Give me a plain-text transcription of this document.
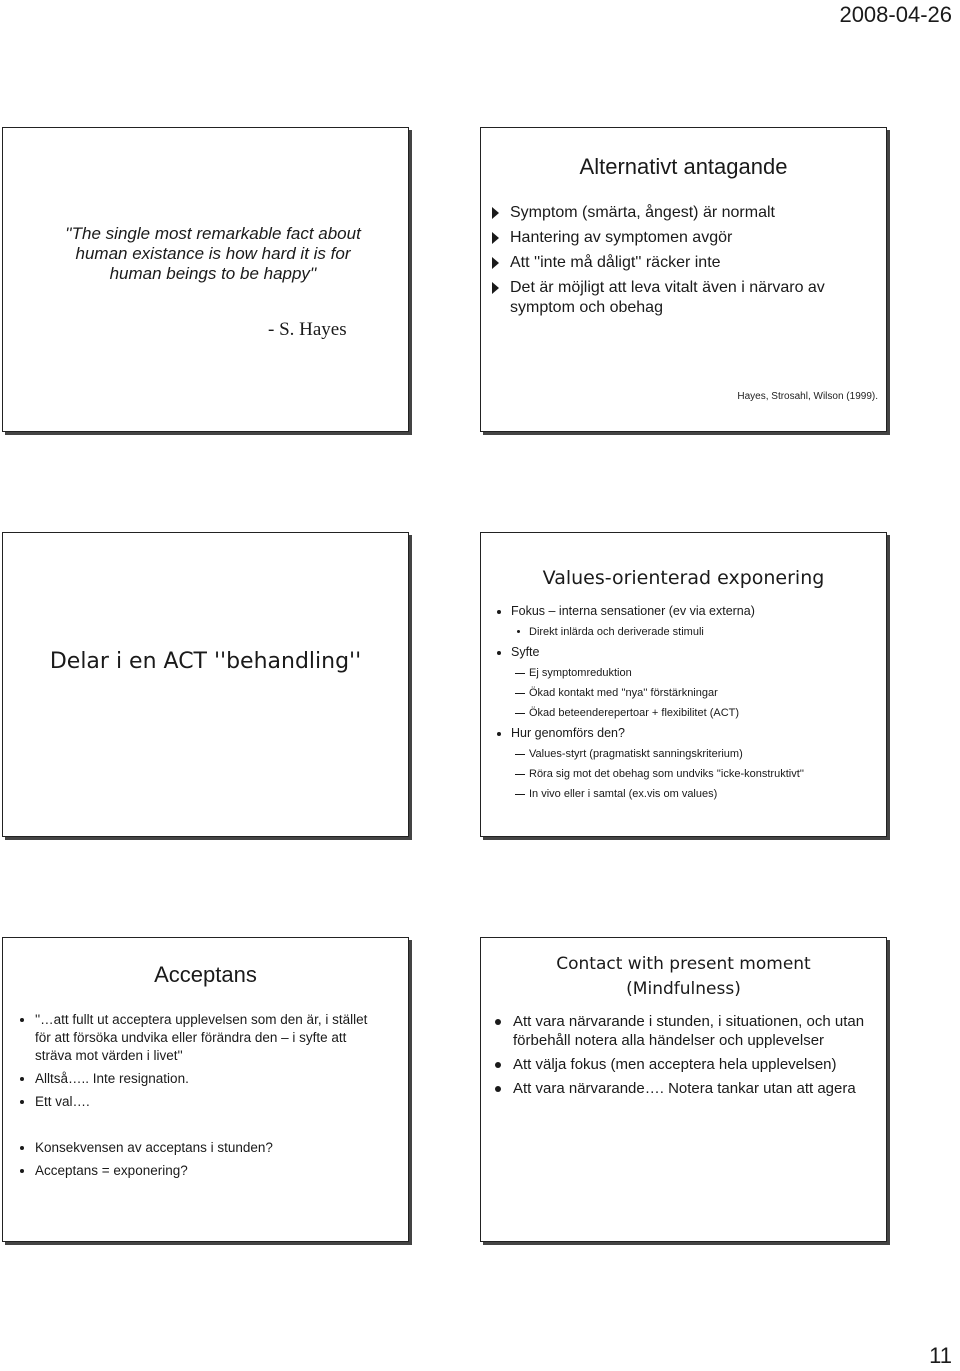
2008-04-26
''The single most remarkable fact about human existance is how hard it is for human beings to be happy''
- S. Hayes
Alternativt antagande
Symptom (smärta, ångest) är normalt
Hantering av symptomen avgör
Att ''inte må dåligt'' räcker inte
Det är möjligt att leva vitalt även i närvaro av symptom och obehag
Hayes, Strosahl, Wilson (1999).
Delar i en ACT ''behandling''
Values-orienterad exponering
Fokus – interna sensationer (ev via externa)
Direkt inlärda och deriverade stimuli
Syfte
Ej symptomreduktion
Ökad kontakt med ''nya'' förstärkningar
Ökad beteenderepertoar + flexibilitet (ACT)
Hur genomförs den?
Values-styrt (pragmatiskt sanningskriterium)
Röra sig mot det obehag som undviks ''icke-konstruktivt''
In vivo eller i samtal (ex.vis om values)
Acceptans
''…att fullt ut acceptera upplevelsen som den är, i stället för att försöka undvika eller förändra den – i syfte att sträva mot värden i livet''
Alltså….. Inte resignation.
Ett val….
Konsekvensen av acceptans i stunden?
Acceptans = exponering?
Contact with present moment
(Mindfulness)
Att vara närvarande i stunden, i situationen, och utan förbehåll notera alla händelser och upplevelser
Att välja fokus (men acceptera hela upplevelsen)
Att vara närvarande…. Notera tankar utan att agera
11
